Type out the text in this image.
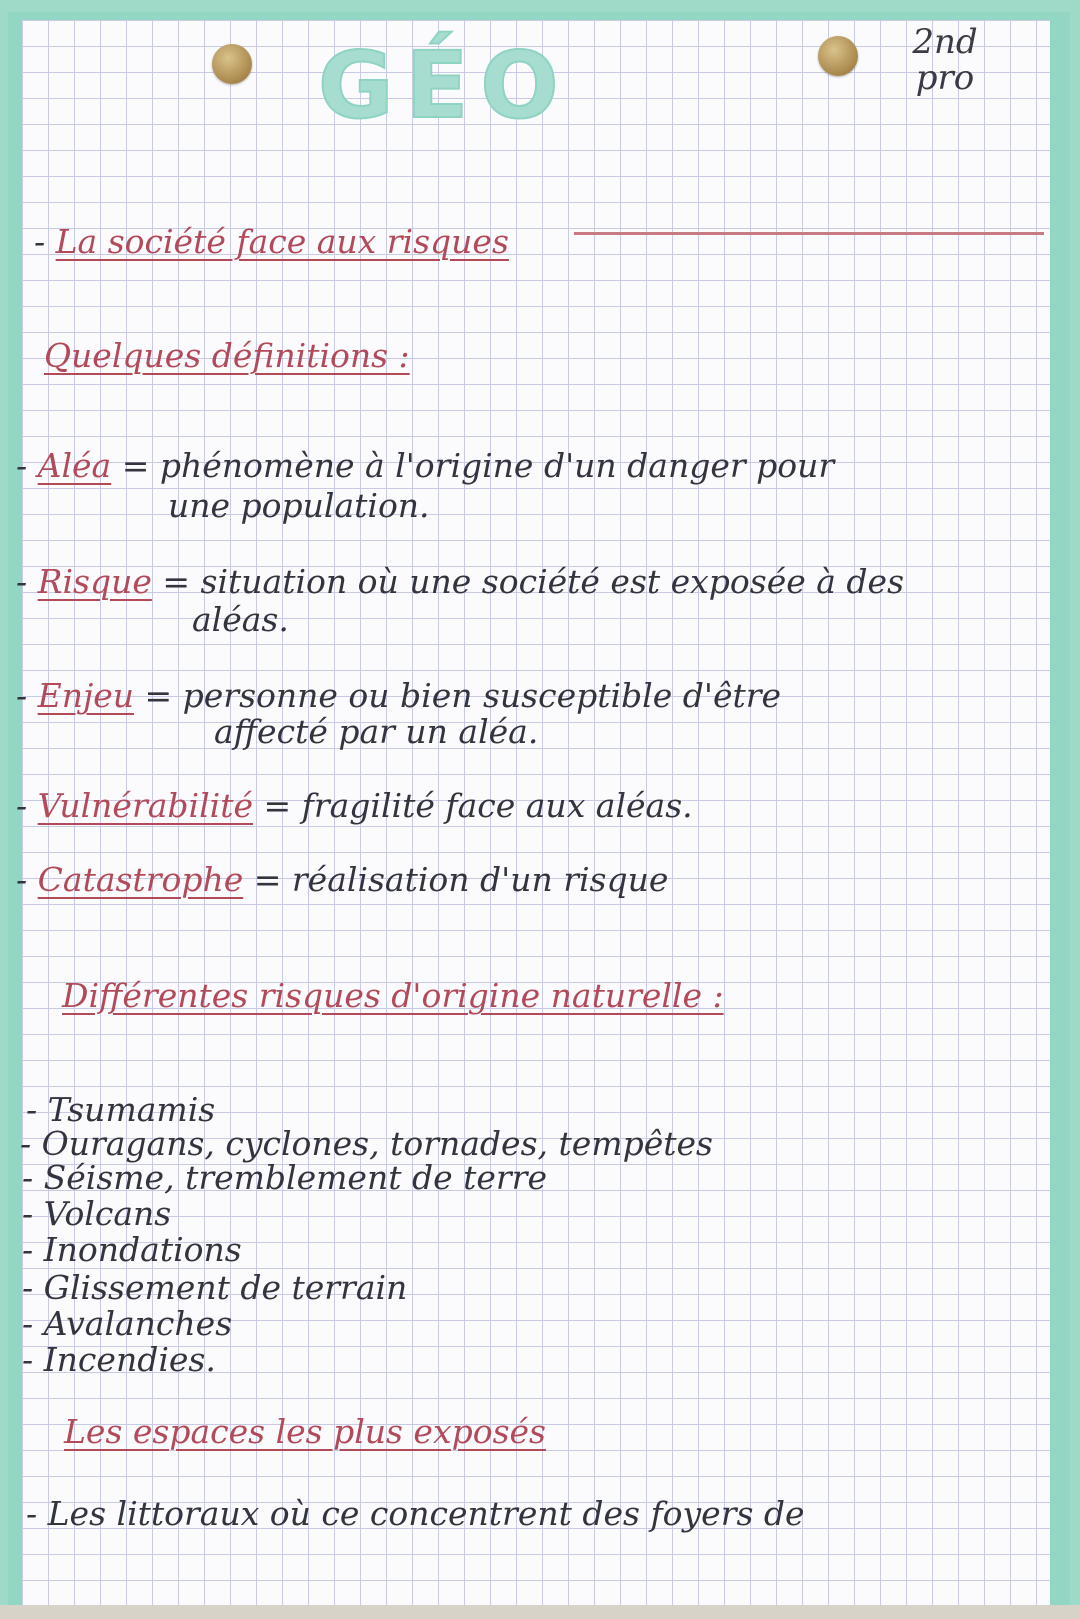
GÉO	2nd
pro
- La société face aux risques
Quelques définitions :
- Aléa = phénomène à l'origine d'un danger pour
une population.
- Risque = situation où une société est exposée à des
aléas.
- Enjeu = personne ou bien susceptible d'être
affecté par un aléa.
- Vulnérabilité = fragilité face aux aléas.
- Catastrophe = réalisation d'un risque
Différentes risques d'origine naturelle :
- Tsumamis
- Ouragans, cyclones, tornades, tempêtes
- Séisme, tremblement de terre
- Volcans
- Inondations
- Glissement de terrain
- Avalanches
- Incendies.
Les espaces les plus exposés
- Les littoraux où ce concentrent des foyers de
